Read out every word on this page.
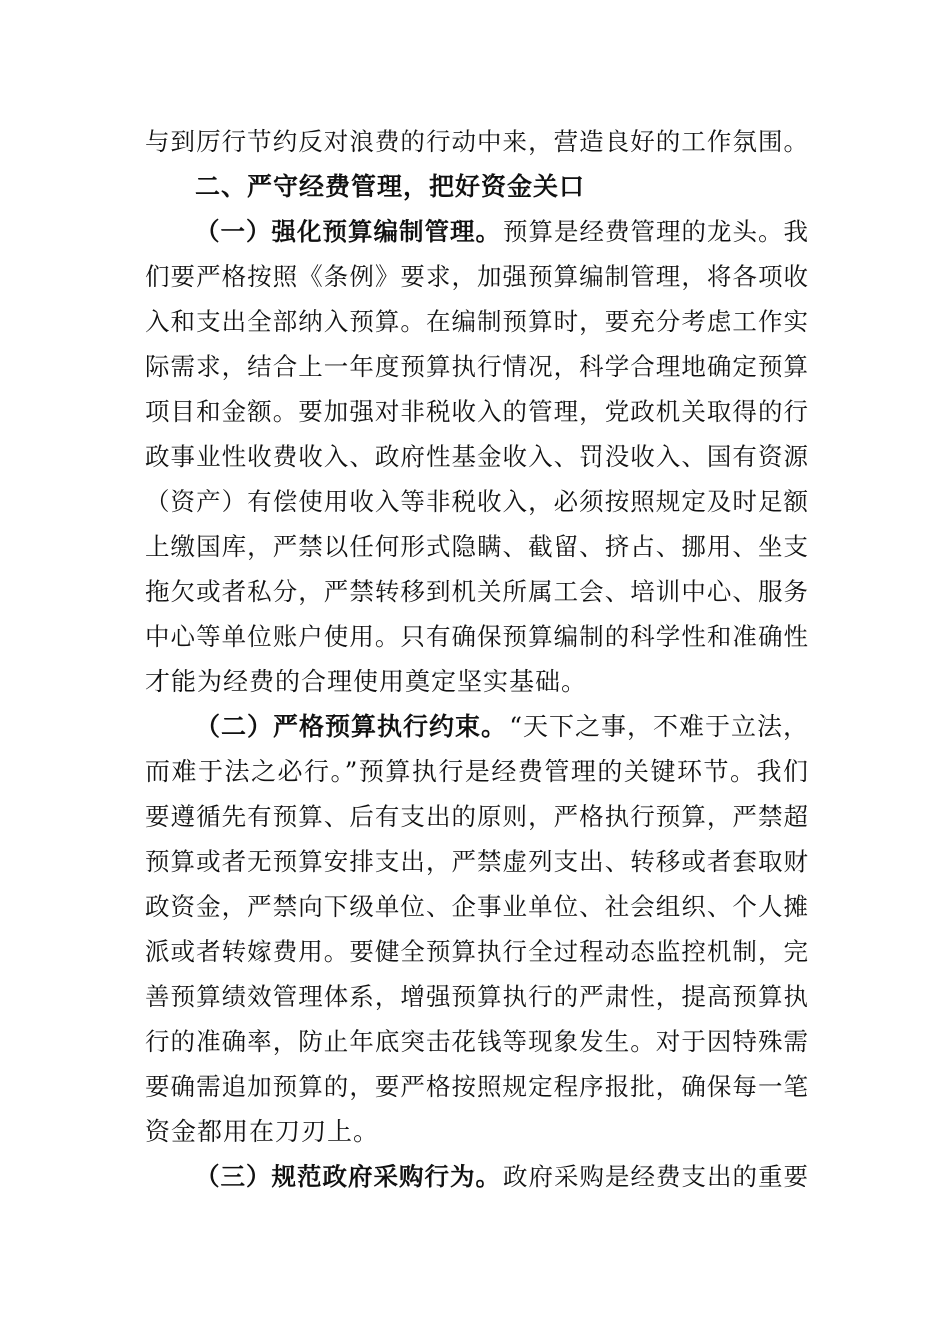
与到厉行节约反对浪费的行动中来，营造良好的工作氛围。
二、严守经费管理，把好资金关口
（一）强化预算编制管理。 预算是经费管理的龙头。我
们要严格按照《条例》要求，加强预算编制管理，将各项收
入和支出全部纳入预算。在编制预算时，要充分考虑工作实
际需求，结合上一年度预算执行情况，科学合理地确定预算
项目和金额。要加强对非税收入的管理，党政机关取得的行
政事业性收费收入、政府性基金收入、罚没收入、国有资源
（资产）有偿使用收入等非税收入，必须按照规定及时足额
上缴国库，严禁以任何形式隐瞒、截留、挤占、挪用、坐支
拖欠或者私分，严禁转移到机关所属工会、培训中心、服务
中心等单位账户使用。只有确保预算编制的科学性和准确性
才能为经费的合理使用奠定坚实基础。
（二）严格预算执行约束。 “天下之事，不难于立法，
而难于法之必行。”预算执行是经费管理的关键环节。我们
要遵循先有预算、后有支出的原则，严格执行预算，严禁超
预算或者无预算安排支出，严禁虚列支出、转移或者套取财
政资金，严禁向下级单位、企事业单位、社会组织、个人摊
派或者转嫁费用。要健全预算执行全过程动态监控机制，完
善预算绩效管理体系，增强预算执行的严肃性，提高预算执
行的准确率，防止年底突击花钱等现象发生。对于因特殊需
要确需追加预算的，要严格按照规定程序报批，确保每一笔
资金都用在刀刃上。
（三）规范政府采购行为。 政府采购是经费支出的重要
